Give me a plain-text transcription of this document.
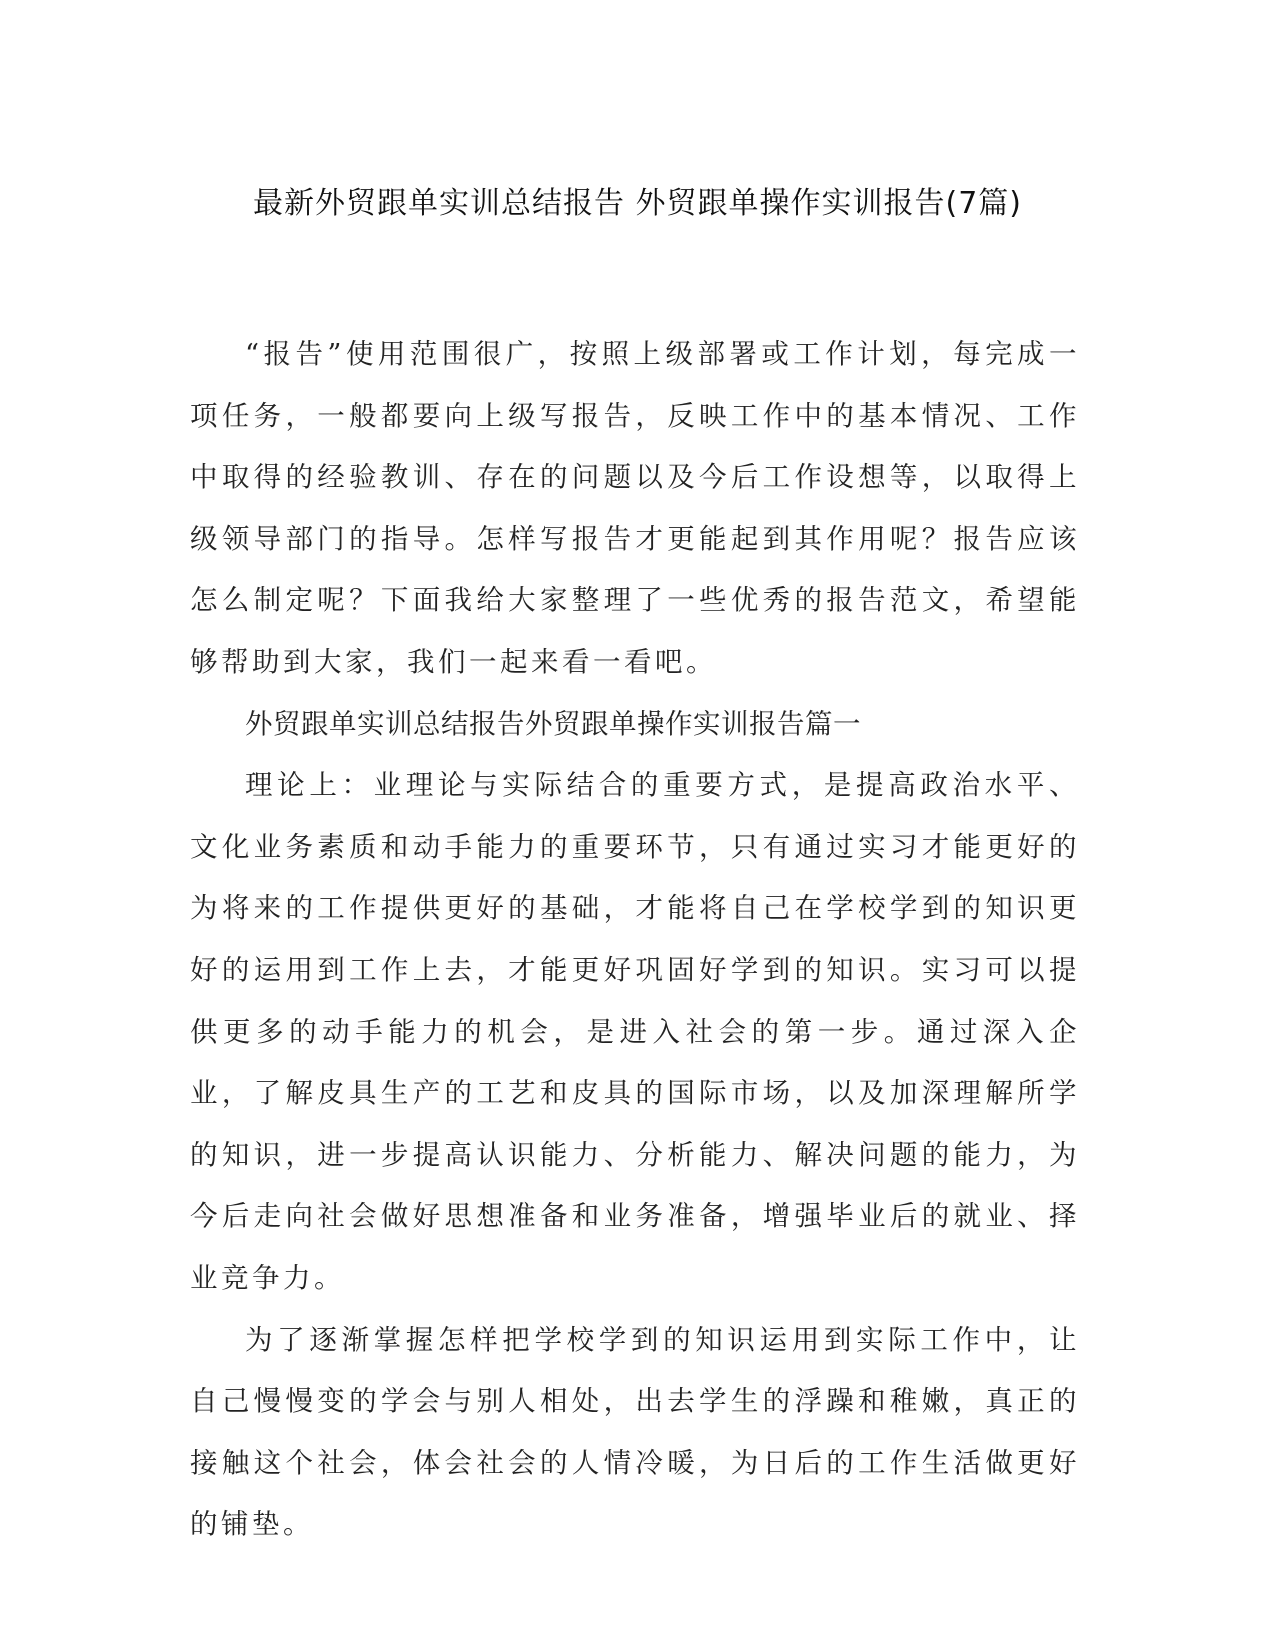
最新外贸跟单实训总结报告 外贸跟单操作实训报告(7篇)

“报告”使用范围很广，按照上级部署或工作计划，每完成一项任务，一般都要向上级写报告，反映工作中的基本情况、工作中取得的经验教训、存在的问题以及今后工作设想等，以取得上级领导部门的指导。怎样写报告才更能起到其作用呢？报告应该怎么制定呢？下面我给大家整理了一些优秀的报告范文，希望能够帮助到大家，我们一起来看一看吧。

外贸跟单实训总结报告外贸跟单操作实训报告篇一

理论上：业理论与实际结合的重要方式，是提高政治水平、文化业务素质和动手能力的重要环节，只有通过实习才能更好的为将来的工作提供更好的基础，才能将自己在学校学到的知识更好的运用到工作上去，才能更好巩固好学到的知识。实习可以提供更多的动手能力的机会，是进入社会的第一步。通过深入企业，了解皮具生产的工艺和皮具的国际市场，以及加深理解所学的知识，进一步提高认识能力、分析能力、解决问题的能力，为今后走向社会做好思想准备和业务准备，增强毕业后的就业、择业竞争力。

为了逐渐掌握怎样把学校学到的知识运用到实际工作中，让自己慢慢变的学会与别人相处，出去学生的浮躁和稚嫩，真正的接触这个社会，体会社会的人情冷暖，为日后的工作生活做更好的铺垫。
